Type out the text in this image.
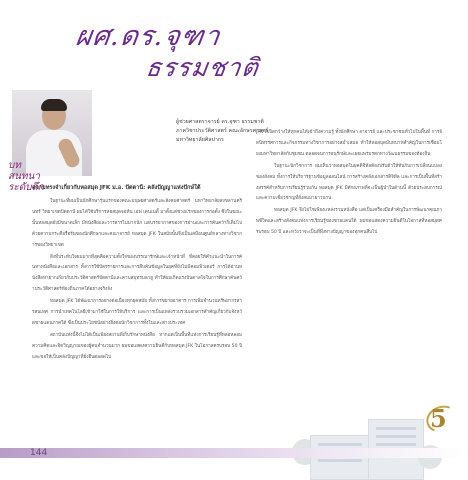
ผศ.ดร.จุฑา
ธรรมชาติ
บทสนทนา
ระดับลึก
ผู้ช่วยศาสตราจารย์ ดร.จุฑา ธรรมชาติ
ภาควิชาประวัติศาสตร์ คณะอักษรศาสตร์
มหาวิทยาลัยศิลปากร
ความทรงจำเกี่ยวกับหอสมุด JFK ม.อ. ปัตตานี: คลังปัญญาแห่งปักษ์ใต้

ในฐานะที่ผมเป็นนักศึกษารุ่นแรกของคณะมนุษยศาสตร์และสังคมศาสตร์ มหาวิทยาลัยสงขลานครินทร์ วิทยาเขตปัตตานี ผมได้ใช้บริการหอสมุดจอห์น เอฟ เคนเนดี้ มาตั้งแต่ช่วงแรกของการก่อตั้ง ซึ่งในขณะนั้นหอสมุดยังมีขนาดเล็ก มีหนังสือและวารสารไม่มากนัก แต่บรรยากาศของการอ่านและการค้นคว้าก็เต็มไปด้วยความกระตือรือร้นของนักศึกษาและคณาจารย์ หอสมุด JFK ในสมัยนั้นจึงเป็นเสมือนศูนย์กลางทางวิชาการของวิทยาเขต

สิ่งที่ประทับใจผมมากที่สุดคือความตั้งใจของบรรณารักษ์และเจ้าหน้าที่ ที่คอยให้คำแนะนำในการค้นหาหนังสือและเอกสาร ทั้งการใช้บัตรรายการและการสืบค้นข้อมูลในยุคที่ยังไม่มีคอมพิวเตอร์ การได้อ่านหนังสือหายากเกี่ยวกับประวัติศาสตร์ปัตตานีและคาบสมุทรมลายู ทำให้ผมเกิดแรงบันดาลใจในการศึกษาค้นคว้าประวัติศาสตร์ท้องถิ่นภาคใต้อย่างจริงจัง

หอสมุด JFK ได้พัฒนาการอย่างต่อเนื่องทุกยุคสมัย ทั้งการขยายอาคาร การเพิ่มจำนวนทรัพยากรสารสนเทศ การนำเทคโนโลยีเข้ามาใช้ในการให้บริการ และการเป็นแหล่งรวบรวมเอกสารสำคัญเกี่ยวกับจังหวัดชายแดนภาคใต้ ซึ่งเป็นประโยชน์อย่างยิ่งต่อนักวิชาการทั้งในและต่างประเทศ

สถาบันแห่งนี้จึงไม่ได้เป็นเพียงสถานที่เก็บรักษาหนังสือ หากแต่เป็นพื้นที่แห่งการเรียนรู้ที่หล่อหลอมความคิดและจิตวิญญาณของผู้คนจำนวนมาก ผมขอแสดงความยินดีกับหอสมุด JFK ในโอกาสครบรอบ 50 ปี และขอให้เป็นคลังปัญญาที่ยั่งยืนตลอดไป

JFK ที่เปิดกว้างให้ทุกคนได้เข้าถึงความรู้ ทั้งนักศึกษา อาจารย์ และประชาชนทั่วไปในพื้นที่ การจัดนิทรรศการและกิจกรรมทางวิชาการอย่างสม่ำเสมอ ทำให้หอสมุดมีบทบาทสำคัญในการเชื่อมโยงมหาวิทยาลัยกับชุมชน ตลอดจนการอนุรักษ์และเผยแพร่มรดกทางวัฒนธรรมของท้องถิ่น

ในฐานะนักวิชาการ ผมเห็นว่าหอสมุดในยุคดิจิทัลต้องปรับตัวให้ทันกับการเปลี่ยนแปลงของสังคม ทั้งการให้บริการฐานข้อมูลออนไลน์ การสร้างคลังเอกสารดิจิทัล และการเป็นพื้นที่สร้างสรรค์สำหรับการเรียนรู้ร่วมกัน หอสมุด JFK มีศักยภาพที่จะเป็นผู้นำในด้านนี้ ด้วยประสบการณ์และความเชี่ยวชาญที่สั่งสมมายาวนาน

หอสมุด JFK จึงไม่ใช่เพียงแหล่งรวมหนังสือ แต่เป็นเครื่องมือสำคัญในการพัฒนาคุณภาพชีวิตและสร้างสังคมแห่งการเรียนรู้ของชายแดนใต้ ผมขอแสดงความยินดีในโอกาสที่หอสมุดครบรอบ 50 ปี และหวังว่าจะเป็นที่พึ่งทางปัญญาของทุกคนสืบไป

5
144
